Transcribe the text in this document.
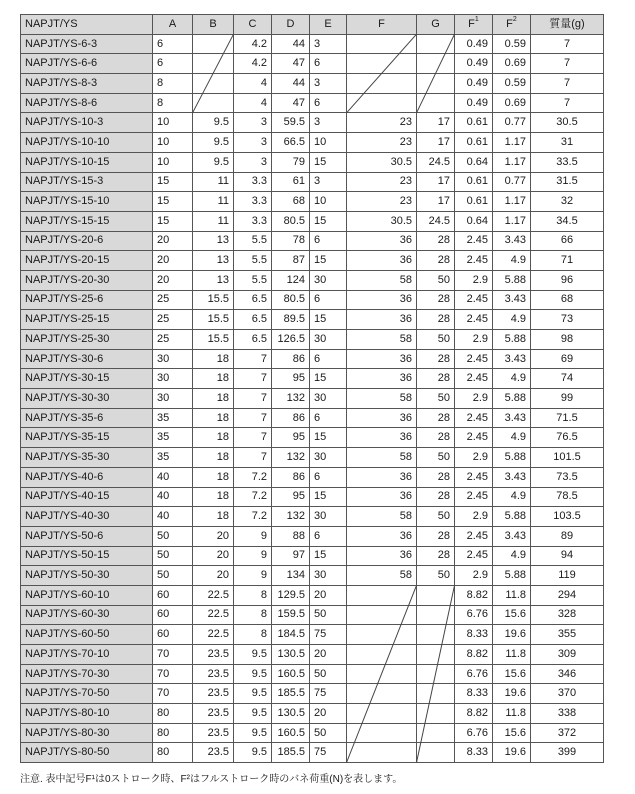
NAPJT/YS	A	B	C	D	E	F	G	$F^1$	$F^2$	質量(g)
NAPJT/YS-6-3	6		4.2	44	3			0.49	0.59	7
NAPJT/YS-6-6	6		4.2	47	6			0.49	0.69	7
NAPJT/YS-8-3	8		4	44	3			0.49	0.59	7
NAPJT/YS-8-6	8		4	47	6			0.49	0.69	7
NAPJT/YS-10-3	10	9.5	3	59.5	3	23	17	0.61	0.77	30.5
NAPJT/YS-10-10	10	9.5	3	66.5	10	23	17	0.61	1.17	31
NAPJT/YS-10-15	10	9.5	3	79	15	30.5	24.5	0.64	1.17	33.5
NAPJT/YS-15-3	15	11	3.3	61	3	23	17	0.61	0.77	31.5
NAPJT/YS-15-10	15	11	3.3	68	10	23	17	0.61	1.17	32
NAPJT/YS-15-15	15	11	3.3	80.5	15	30.5	24.5	0.64	1.17	34.5
NAPJT/YS-20-6	20	13	5.5	78	6	36	28	2.45	3.43	66
NAPJT/YS-20-15	20	13	5.5	87	15	36	28	2.45	4.9	71
NAPJT/YS-20-30	20	13	5.5	124	30	58	50	2.9	5.88	96
NAPJT/YS-25-6	25	15.5	6.5	80.5	6	36	28	2.45	3.43	68
NAPJT/YS-25-15	25	15.5	6.5	89.5	15	36	28	2.45	4.9	73
NAPJT/YS-25-30	25	15.5	6.5	126.5	30	58	50	2.9	5.88	98
NAPJT/YS-30-6	30	18	7	86	6	36	28	2.45	3.43	69
NAPJT/YS-30-15	30	18	7	95	15	36	28	2.45	4.9	74
NAPJT/YS-30-30	30	18	7	132	30	58	50	2.9	5.88	99
NAPJT/YS-35-6	35	18	7	86	6	36	28	2.45	3.43	71.5
NAPJT/YS-35-15	35	18	7	95	15	36	28	2.45	4.9	76.5
NAPJT/YS-35-30	35	18	7	132	30	58	50	2.9	5.88	101.5
NAPJT/YS-40-6	40	18	7.2	86	6	36	28	2.45	3.43	73.5
NAPJT/YS-40-15	40	18	7.2	95	15	36	28	2.45	4.9	78.5
NAPJT/YS-40-30	40	18	7.2	132	30	58	50	2.9	5.88	103.5
NAPJT/YS-50-6	50	20	9	88	6	36	28	2.45	3.43	89
NAPJT/YS-50-15	50	20	9	97	15	36	28	2.45	4.9	94
NAPJT/YS-50-30	50	20	9	134	30	58	50	2.9	5.88	119
NAPJT/YS-60-10	60	22.5	8	129.5	20			8.82	11.8	294
NAPJT/YS-60-30	60	22.5	8	159.5	50			6.76	15.6	328
NAPJT/YS-60-50	60	22.5	8	184.5	75			8.33	19.6	355
NAPJT/YS-70-10	70	23.5	9.5	130.5	20			8.82	11.8	309
NAPJT/YS-70-30	70	23.5	9.5	160.5	50			6.76	15.6	346
NAPJT/YS-70-50	70	23.5	9.5	185.5	75			8.33	19.6	370
NAPJT/YS-80-10	80	23.5	9.5	130.5	20			8.82	11.8	338
NAPJT/YS-80-30	80	23.5	9.5	160.5	50			6.76	15.6	372
NAPJT/YS-80-50	80	23.5	9.5	185.5	75			8.33	19.6	399
注意. 表中記号F¹は0ストローク時、F²はフルストローク時のバネ荷重(N)を表します。
